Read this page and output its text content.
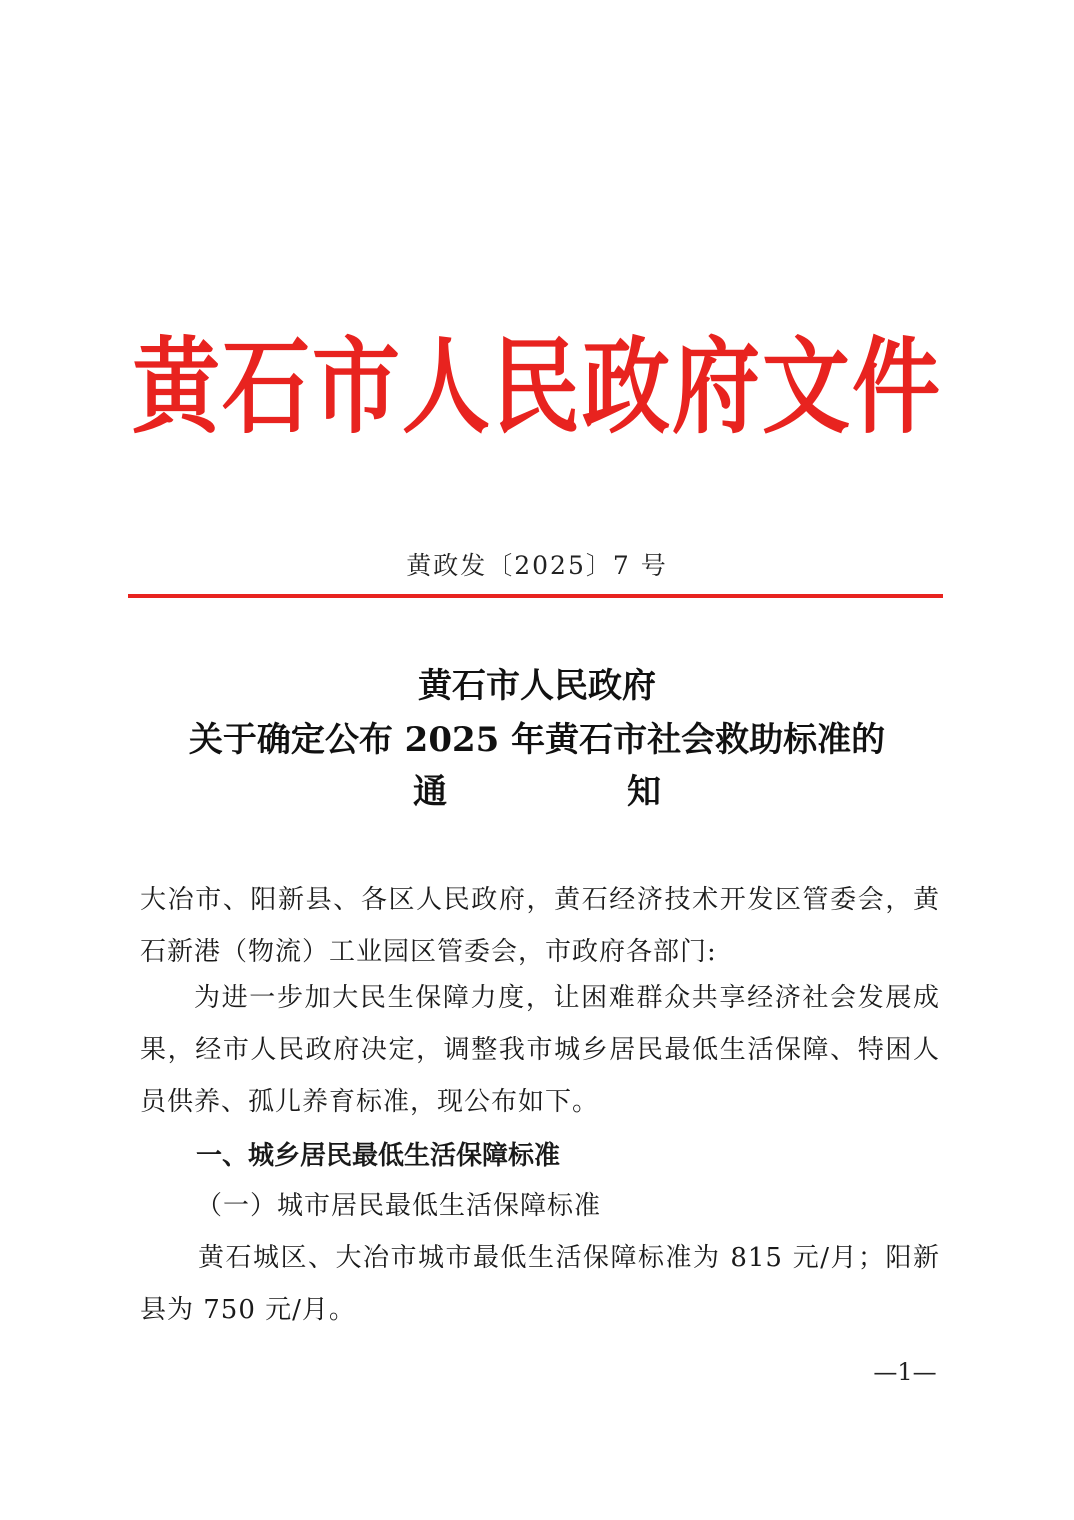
黄石市人民政府文件
黄政发〔2025〕7 号
黄石市人民政府
关于确定公布 2025 年黄石市社会救助标准的
通	知
大冶市、阳新县、各区人民政府，黄石经济技术开发区管委会，黄石新港（物流）工业园区管委会，市政府各部门:
为进一步加大民生保障力度，让困难群众共享经济社会发展成果，经市人民政府决定，调整我市城乡居民最低生活保障、特困人员供养、孤儿养育标准，现公布如下。
一、城乡居民最低生活保障标准
（一）城市居民最低生活保障标准
黄石城区、大冶市城市最低生活保障标准为 815 元/月；阳新县为 750 元/月。
—1—
